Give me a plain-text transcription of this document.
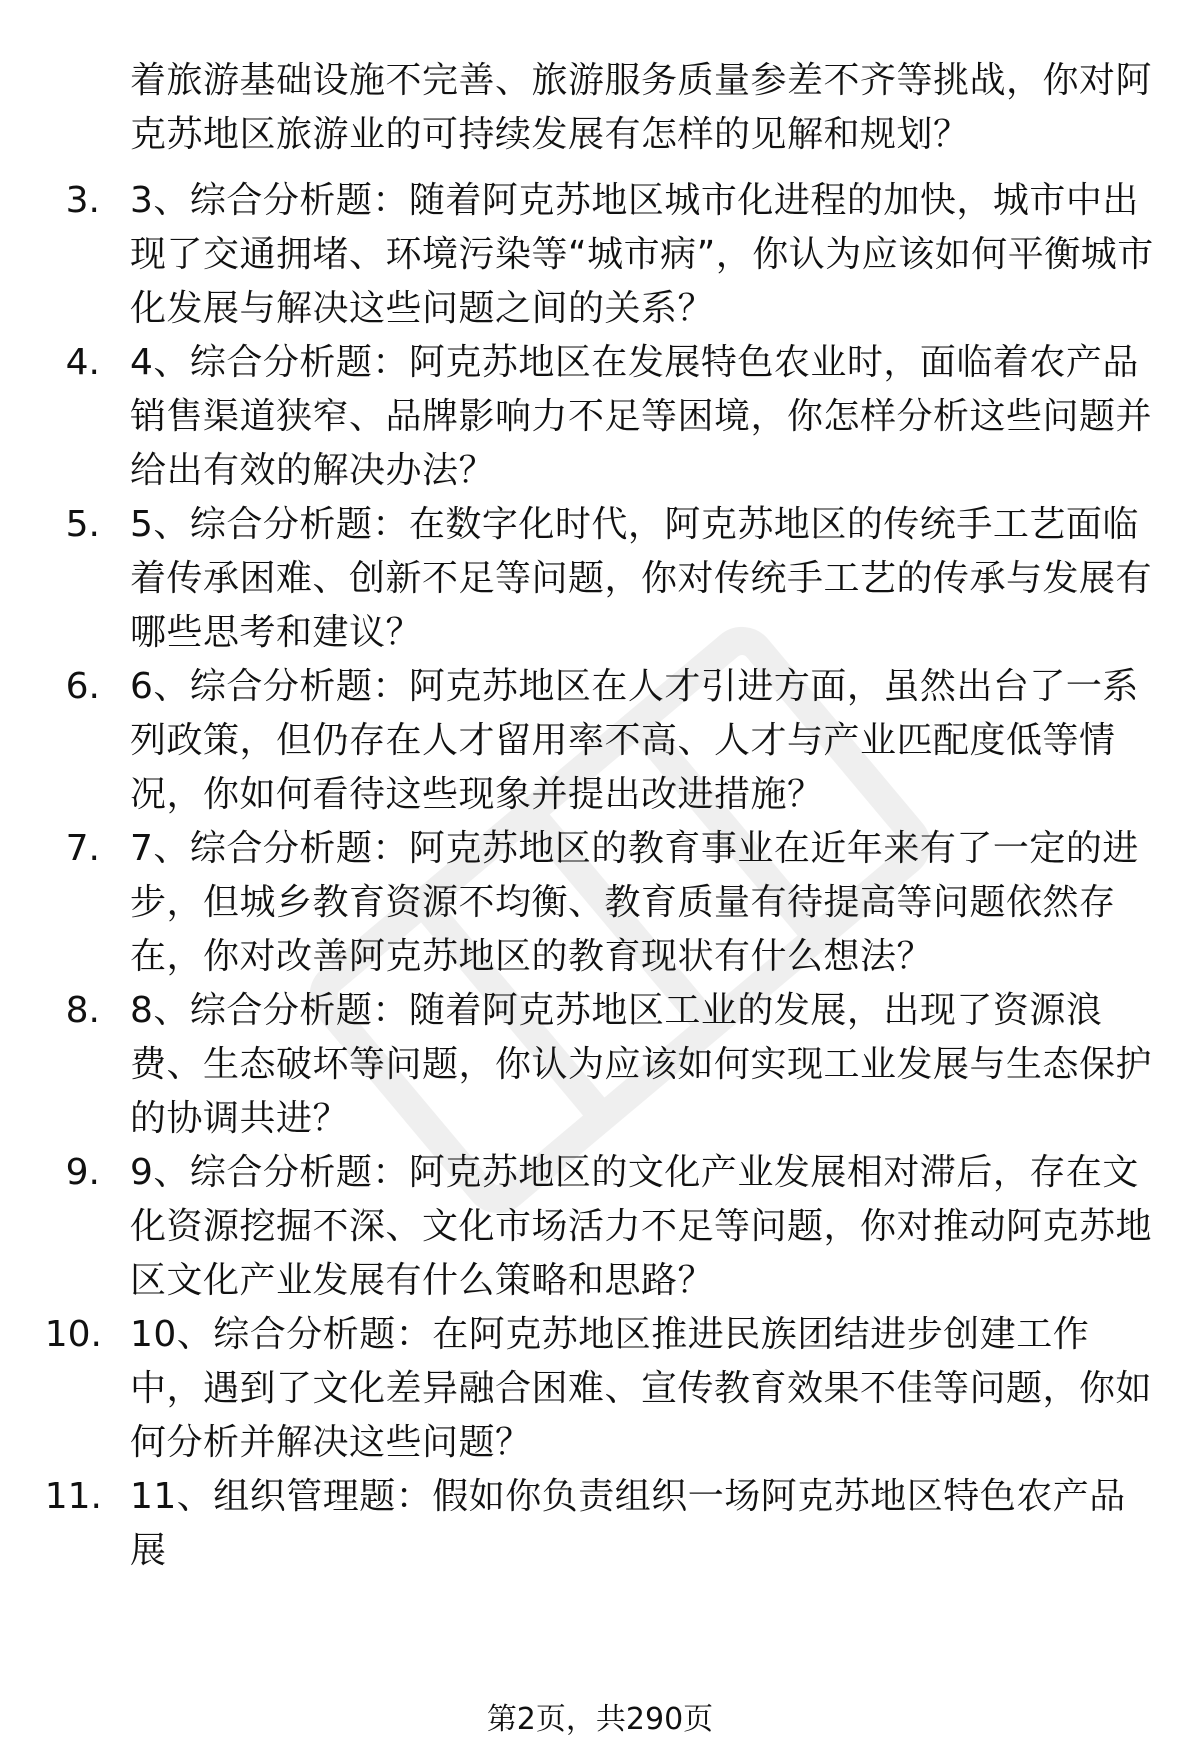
着旅游基础设施不完善、旅游服务质量参差不齐等挑战，你对阿克苏地区旅游业的可持续发展有怎样的见解和规划？
3. 3、综合分析题：随着阿克苏地区城市化进程的加快，城市中出现了交通拥堵、环境污染等“城市病”，你认为应该如何平衡城市化发展与解决这些问题之间的关系？
4. 4、综合分析题：阿克苏地区在发展特色农业时，面临着农产品销售渠道狭窄、品牌影响力不足等困境，你怎样分析这些问题并给出有效的解决办法？
5. 5、综合分析题：在数字化时代，阿克苏地区的传统手工艺面临着传承困难、创新不足等问题，你对传统手工艺的传承与发展有哪些思考和建议？
6. 6、综合分析题：阿克苏地区在人才引进方面，虽然出台了一系列政策，但仍存在人才留用率不高、人才与产业匹配度低等情况，你如何看待这些现象并提出改进措施？
7. 7、综合分析题：阿克苏地区的教育事业在近年来有了一定的进步，但城乡教育资源不均衡、教育质量有待提高等问题依然存在，你对改善阿克苏地区的教育现状有什么想法？
8. 8、综合分析题：随着阿克苏地区工业的发展，出现了资源浪费、生态破坏等问题，你认为应该如何实现工业发展与生态保护的协调共进？
9. 9、综合分析题：阿克苏地区的文化产业发展相对滞后，存在文化资源挖掘不深、文化市场活力不足等问题，你对推动阿克苏地区文化产业发展有什么策略和思路？
10. 10、综合分析题：在阿克苏地区推进民族团结进步创建工作中，遇到了文化差异融合困难、宣传教育效果不佳等问题，你如何分析并解决这些问题？
11. 11、组织管理题：假如你负责组织一场阿克苏地区特色农产品展
第2页，共290页
